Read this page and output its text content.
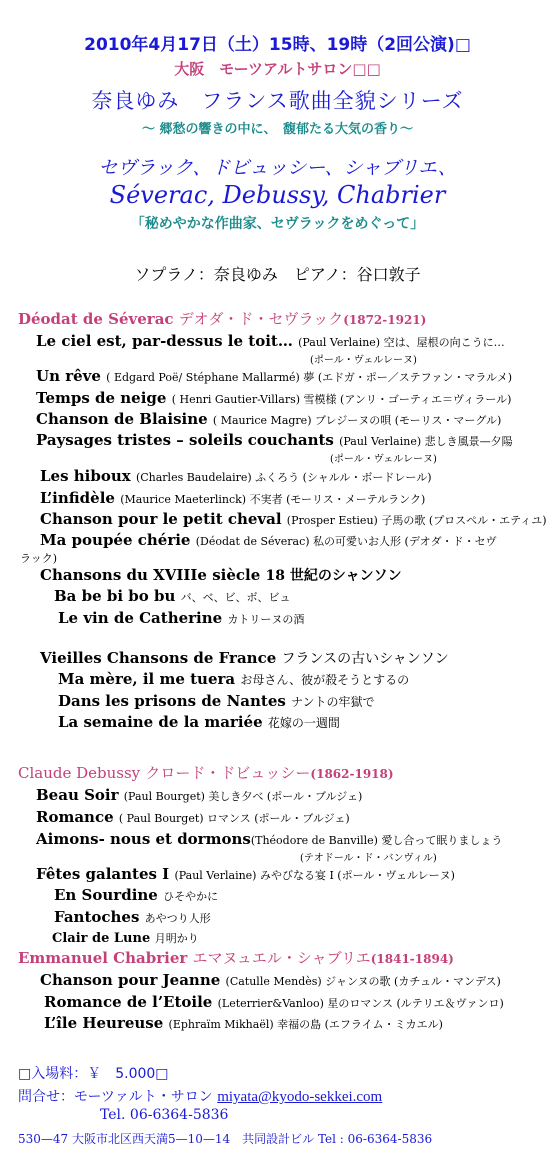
2010年4月17日（土）15時、19時（2回公演)□
大阪　モーツアルトサロン□□
奈良ゆみ　フランス歌曲全貌シリーズ
〜 郷愁の響きの中に、　馥郁たる大気の香り〜
セヴラック、ドビュッシー、シャブリエ、
Séverac, Debussy, Chabrier
「秘めやかな作曲家、セヴラックをめぐって」
ソプラノ：奈良ゆみ　ピアノ：谷口敦子
Déodat de Séverac デオダ・ド・セヴラック(1872-1921)
Le ciel est, par-dessus le toit… (Paul Verlaine) 空は、屋根の向こうに…
(ポール・ヴェルレーヌ)
Un rêve ( Edgard Poë/ Stéphane Mallarmé) 夢 (エドガ・ポー／ステファン・マラルメ)
Temps de neige ( Henri Gautier-Villars) 雪模様 (アンリ・ゴーティエ＝ヴィラール)
Chanson de Blaisine ( Maurice Magre) ブレジーヌの唄 (モーリス・マーグル)
Paysages tristes – soleils couchants (Paul Verlaine) 悲しき風景—夕陽
(ポール・ヴェルレーヌ)
Les hiboux (Charles Baudelaire) ふくろう (シャルル・ボードレール)
L’infidèle (Maurice Maeterlinck) 不実者 (モーリス・メーテルランク)
Chanson pour le petit cheval (Prosper Estieu) 子馬の歌 (プロスペル・エティユ)
Ma poupée chérie (Déodat de Séverac) 私の可愛いお人形 (デオダ・ド・セヴ
ラック)
Chansons du XVIIIe siècle 18 世紀のシャンソン
Ba be bi bo bu バ、ベ、ビ、ボ、ビュ
Le vin de Catherine カトリーヌの酒
Vieilles Chansons de France フランスの古いシャンソン
Ma mère, il me tuera お母さん、彼が殺そうとするの
Dans les prisons de Nantes ナントの牢獄で
La semaine de la mariée 花嫁の一週間
Claude Debussy クロード・ドビュッシー(1862-1918)
Beau Soir (Paul Bourget) 美しき夕べ (ポール・ブルジェ)
Romance ( Paul Bourget) ロマンス (ポール・ブルジェ)
Aimons- nous et dormons(Théodore de Banville) 愛し合って眠りましょう
(テオドール・ド・バンヴィル)
Fêtes galantes I (Paul Verlaine) みやびなる宴 I (ポール・ヴェルレーヌ)
En Sourdine ひそやかに
Fantoches あやつり人形
Clair de Lune 月明かり
Emmanuel Chabrier エマヌュエル・シャブリエ(1841-1894)
Chanson pour Jeanne (Catulle Mendès) ジャンヌの歌 (カチュル・マンデス)
Romance de l’Etoile (Leterrier&Vanloo) 星のロマンス (ルテリエ＆ヴァンロ)
L’île Heureuse (Ephraïm Mikhaël) 幸福の島 (エフライム・ミカエル)
□入場料：￥　5.000□
問合せ：モーツァルト・サロン miyata@kyodo-sekkei.com
Tel. 06-6364-5836
530—47 大阪市北区西天満5—10—14　共同設計ビル Tel : 06-6364-5836
